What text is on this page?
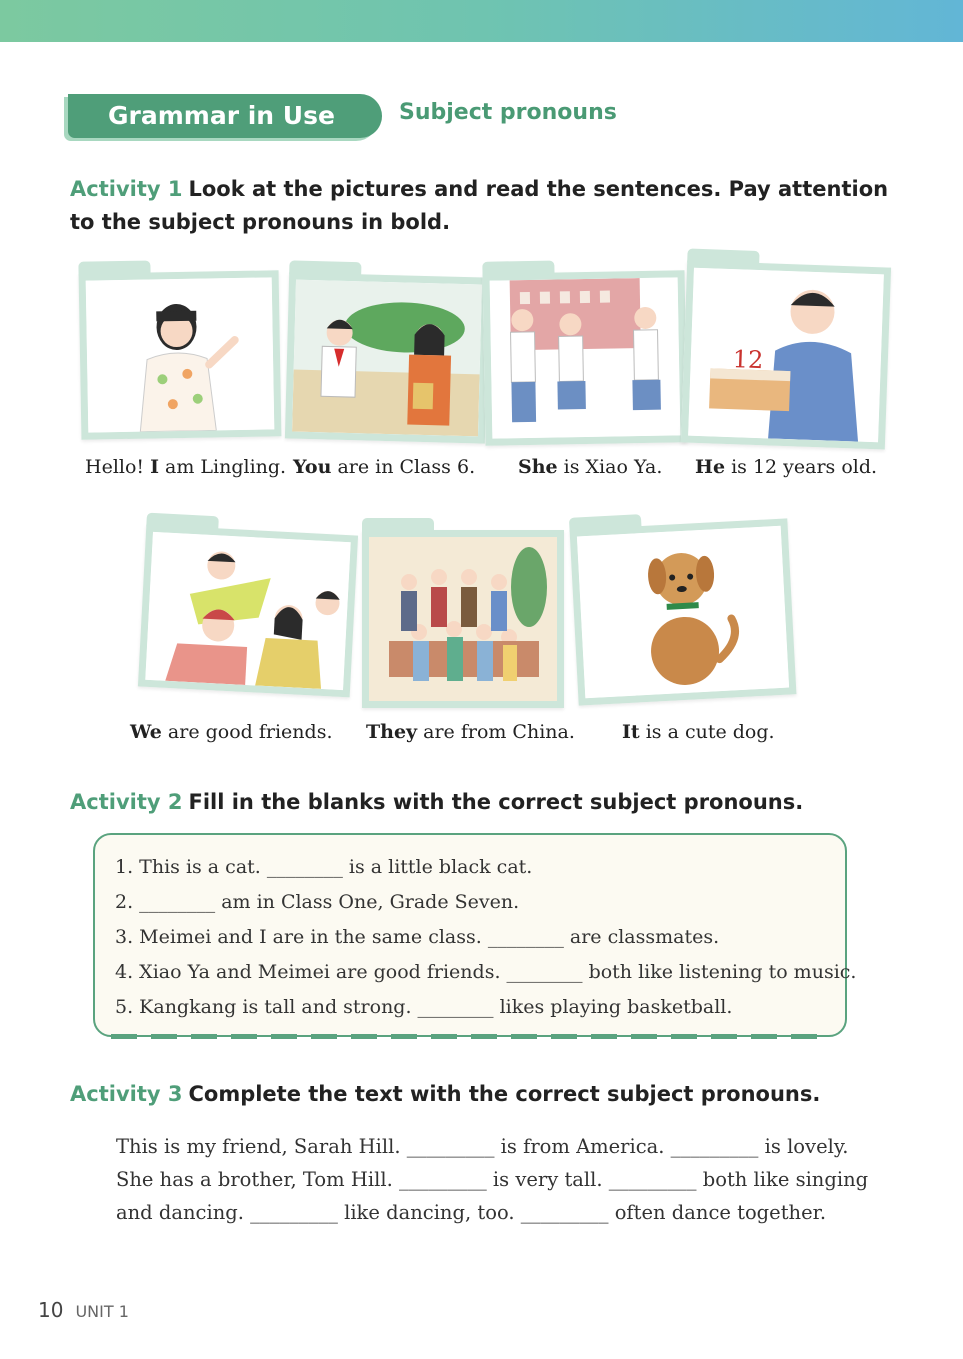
Grammar in Use	Subject pronouns
Activity 1 Look at the pictures and read the sentences. Pay attention to the subject pronouns in bold.
12
Hello! I am Lingling. You are in Class 6. She is Xiao Ya. He is 12 years old.
We are good friends. They are from China. It is a cute dog.
Activity 2 Fill in the blanks with the correct subject pronouns.
1. This is a cat. ________ is a little black cat.
2. ________ am in Class One, Grade Seven.
3. Meimei and I are in the same class. ________ are classmates.
4. Xiao Ya and Meimei are good friends. ________ both like listening to music.
5. Kangkang is tall and strong. ________ likes playing basketball.
Activity 3 Complete the text with the correct subject pronouns.
This is my friend, Sarah Hill. _________ is from America. _________ is lovely.
She has a brother, Tom Hill. _________ is very tall. _________ both like singing
and dancing. _________ like dancing, too. _________ often dance together.
10 UNIT 1
